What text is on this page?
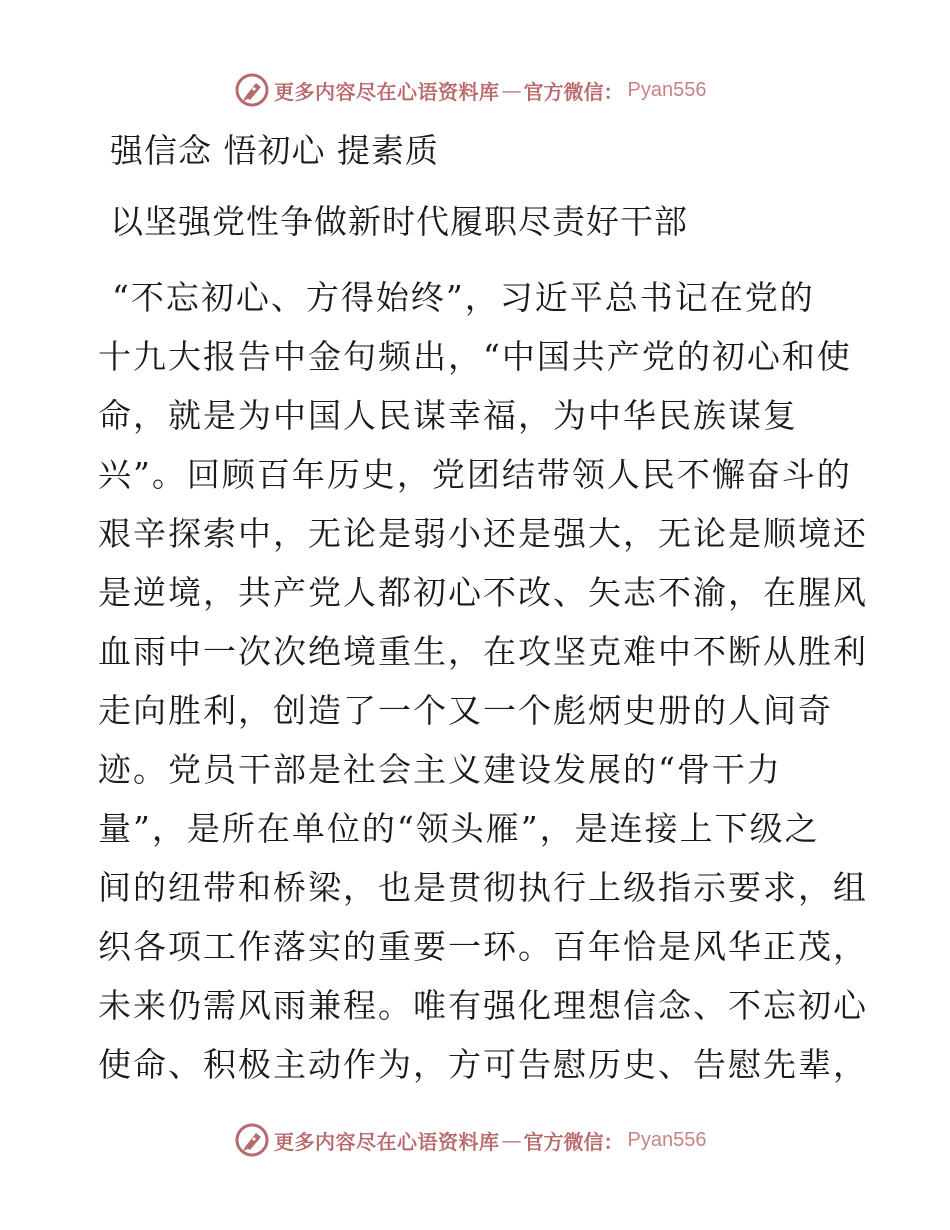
更多内容尽在心语资料库 — 官方微信： Pyan556
强信念 悟初心 提素质
以坚强党性争做新时代履职尽责好干部
“不忘初心、方得始终”，习近平总书记在党的
十九大报告中金句频出，“中国共产党的初心和使
命，就是为中国人民谋幸福，为中华民族谋复
兴”。回顾百年历史，党团结带领人民不懈奋斗的
艰辛探索中，无论是弱小还是强大，无论是顺境还
是逆境，共产党人都初心不改、矢志不渝，在腥风
血雨中一次次绝境重生，在攻坚克难中不断从胜利
走向胜利，创造了一个又一个彪炳史册的人间奇
迹。党员干部是社会主义建设发展的“骨干力
量”，是所在单位的“领头雁”，是连接上下级之
间的纽带和桥梁，也是贯彻执行上级指示要求，组
织各项工作落实的重要一环。百年恰是风华正茂，
未来仍需风雨兼程。唯有强化理想信念、不忘初心
使命、积极主动作为，方可告慰历史、告慰先辈，
更多内容尽在心语资料库 — 官方微信： Pyan556
